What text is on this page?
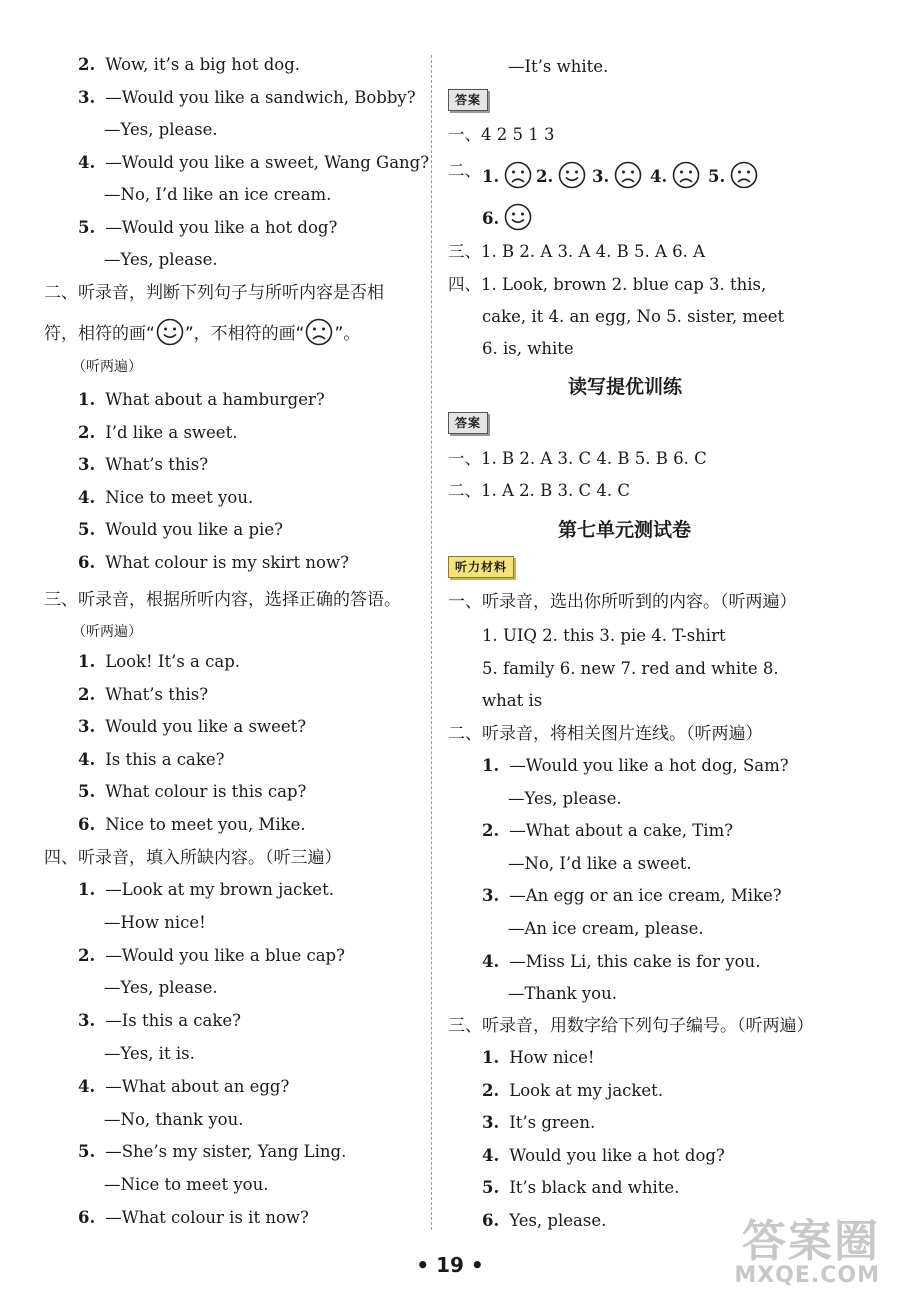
2. Wow, it’s a big hot dog.
3. —Would you like a sandwich, Bobby?
—Yes, please.
4. —Would you like a sweet, Wang Gang?
—No, I’d like an ice cream.
5. —Would you like a hot dog?
—Yes, please.
二、听录音，判断下列句子与所听内容是否相
符，相符的画“ ”，不相符的画“ ”。
（听两遍）
1. What about a hamburger?
2. I’d like a sweet.
3. What’s this?
4. Nice to meet you.
5. Would you like a pie?
6. What colour is my skirt now?
三、听录音，根据所听内容，选择正确的答语。
（听两遍）
1. Look! It’s a cap.
2. What’s this?
3. Would you like a sweet?
4. Is this a cake?
5. What colour is this cap?
6. Nice to meet you, Mike.
四、听录音，填入所缺内容。（听三遍）
1. —Look at my brown jacket.
—How nice!
2. —Would you like a blue cap?
—Yes, please.
3. —Is this a cake?
—Yes, it is.
4. —What about an egg?
—No, thank you.
5. —She’s my sister, Yang Ling.
—Nice to meet you.
6. —What colour is it now?
—It’s white.
答案
一、4 2 5 1 3
二、 1.	2.	3.	4.	5.
6.
三、1. B 2. A 3. A 4. B 5. A 6. A
四、1. Look, brown 2. blue cap 3. this,
cake, it 4. an egg, No 5. sister, meet
6. is, white
读写提优训练
答案
一、1. B 2. A 3. C 4. B 5. B 6. C
二、1. A 2. B 3. C 4. C
第七单元测试卷
听力材料
一、听录音，选出你所听到的内容。（听两遍）
1. UIQ 2. this 3. pie 4. T-shirt
5. family 6. new 7. red and white 8.
what is
二、听录音，将相关图片连线。（听两遍）
1. —Would you like a hot dog, Sam?
—Yes, please.
2. —What about a cake, Tim?
—No, I’d like a sweet.
3. —An egg or an ice cream, Mike?
—An ice cream, please.
4. —Miss Li, this cake is for you.
—Thank you.
三、听录音，用数字给下列句子编号。（听两遍）
1. How nice!
2. Look at my jacket.
3. It’s green.
4. Would you like a hot dog?
5. It’s black and white.
6. Yes, please.
• 19 •	答案圈
MXQE.COM
